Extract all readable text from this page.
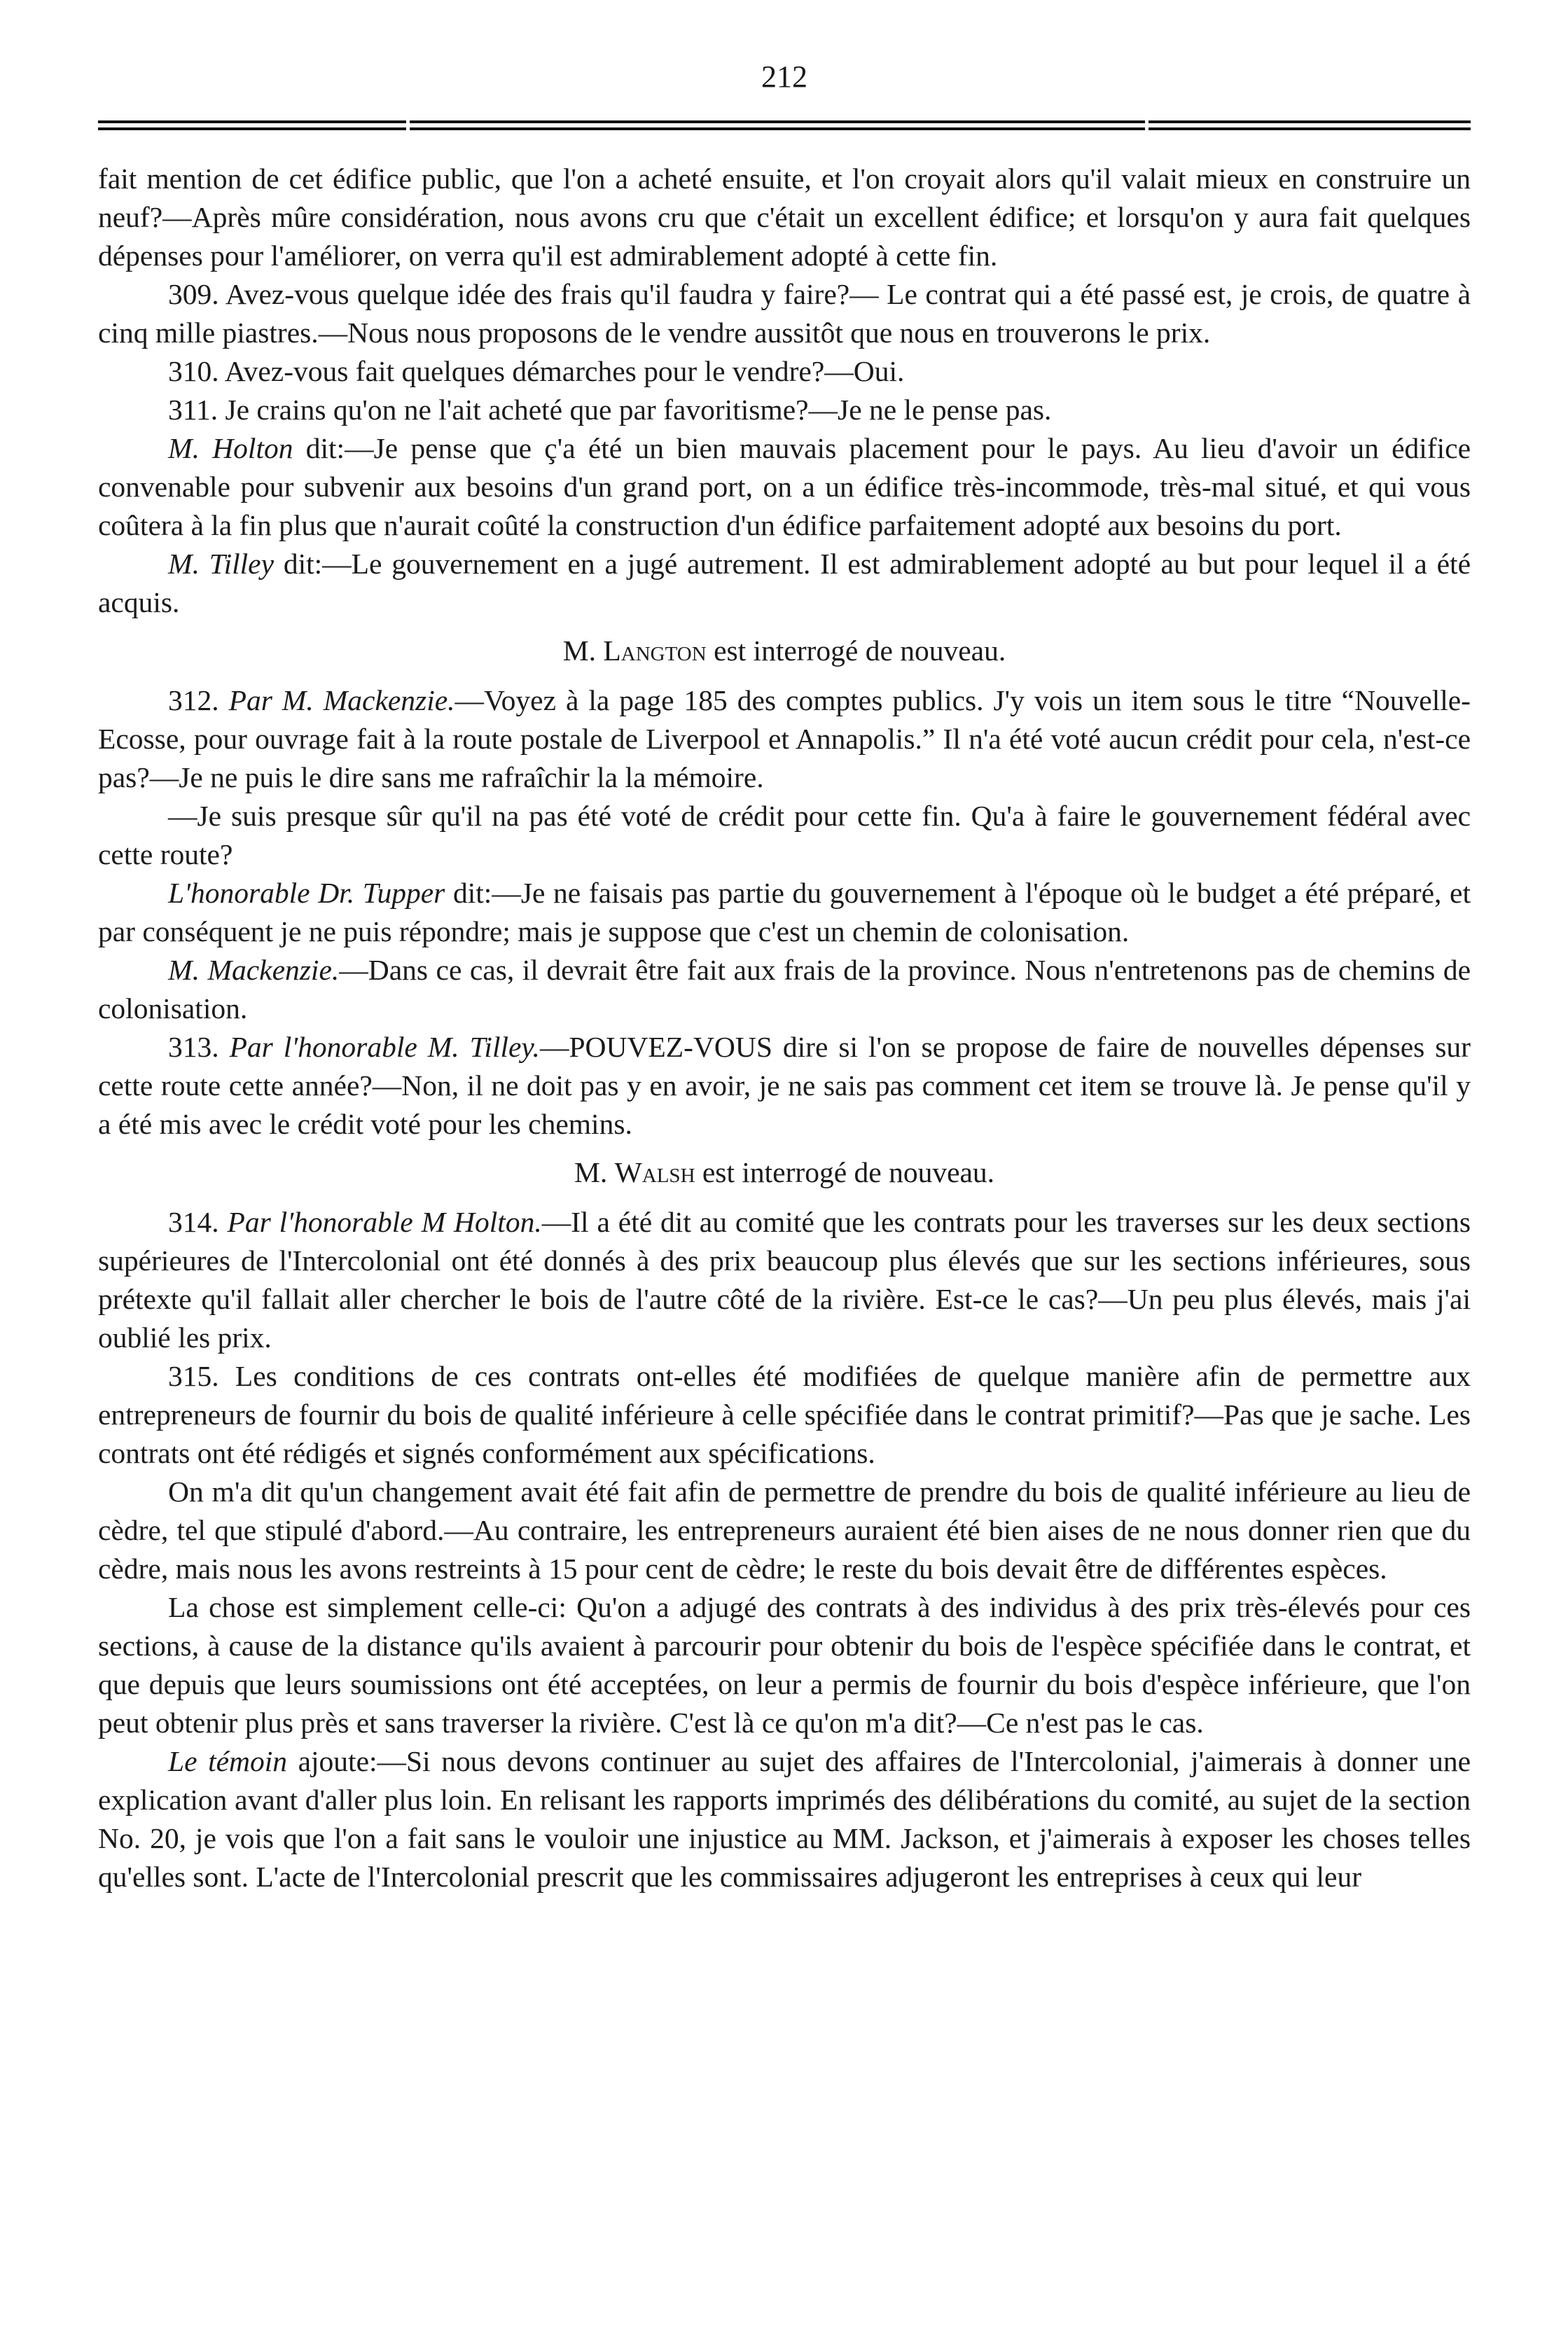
212

fait mention de cet édifice public, que l'on a acheté ensuite, et l'on croyait alors qu'il valait mieux en construire un neuf?—Après mûre considération, nous avons cru que c'était un excellent édifice; et lorsqu'on y aura fait quelques dépenses pour l'améliorer, on verra qu'il est admirablement adopté à cette fin.

309. Avez-vous quelque idée des frais qu'il faudra y faire?— Le contrat qui a été passé est, je crois, de quatre à cinq mille piastres.—Nous nous proposons de le vendre aussitôt que nous en trouverons le prix.

310. Avez-vous fait quelques démarches pour le vendre?—Oui.

311. Je crains qu'on ne l'ait acheté que par favoritisme?—Je ne le pense pas.

M. Holton dit:—Je pense que ç'a été un bien mauvais placement pour le pays. Au lieu d'avoir un édifice convenable pour subvenir aux besoins d'un grand port, on a un édifice très-incommode, très-mal situé, et qui vous coûtera à la fin plus que n'aurait coûté la construction d'un édifice parfaitement adopté aux besoins du port.

M. Tilley dit:—Le gouvernement en a jugé autrement. Il est admirablement adopté au but pour lequel il a été acquis.

M. Langton est interrogé de nouveau.

312. Par M. Mackenzie.—Voyez à la page 185 des comptes publics. J'y vois un item sous le titre “Nouvelle-Ecosse, pour ouvrage fait à la route postale de Liverpool et Annapolis.” Il n'a été voté aucun crédit pour cela, n'est-ce pas?—Je ne puis le dire sans me rafraîchir la la mémoire.

—Je suis presque sûr qu'il na pas été voté de crédit pour cette fin. Qu'a à faire le gouvernement fédéral avec cette route?

L'honorable Dr. Tupper dit:—Je ne faisais pas partie du gouvernement à l'époque où le budget a été préparé, et par conséquent je ne puis répondre; mais je suppose que c'est un chemin de colonisation.

M. Mackenzie.—Dans ce cas, il devrait être fait aux frais de la province. Nous n'entretenons pas de chemins de colonisation.

313. Par l'honorable M. Tilley.—POUVEZ-VOUS dire si l'on se propose de faire de nouvelles dépenses sur cette route cette année?—Non, il ne doit pas y en avoir, je ne sais pas comment cet item se trouve là. Je pense qu'il y a été mis avec le crédit voté pour les chemins.

M. Walsh est interrogé de nouveau.

314. Par l'honorable M Holton.—Il a été dit au comité que les contrats pour les traverses sur les deux sections supérieures de l'Intercolonial ont été donnés à des prix beaucoup plus élevés que sur les sections inférieures, sous prétexte qu'il fallait aller chercher le bois de l'autre côté de la rivière. Est-ce le cas?—Un peu plus élevés, mais j'ai oublié les prix.

315. Les conditions de ces contrats ont-elles été modifiées de quelque manière afin de permettre aux entrepreneurs de fournir du bois de qualité inférieure à celle spécifiée dans le contrat primitif?—Pas que je sache. Les contrats ont été rédigés et signés conformément aux spécifications.

On m'a dit qu'un changement avait été fait afin de permettre de prendre du bois de qualité inférieure au lieu de cèdre, tel que stipulé d'abord.—Au contraire, les entrepreneurs auraient été bien aises de ne nous donner rien que du cèdre, mais nous les avons restreints à 15 pour cent de cèdre; le reste du bois devait être de différentes espèces.

La chose est simplement celle-ci: Qu'on a adjugé des contrats à des individus à des prix très-élevés pour ces sections, à cause de la distance qu'ils avaient à parcourir pour obtenir du bois de l'espèce spécifiée dans le contrat, et que depuis que leurs soumissions ont été acceptées, on leur a permis de fournir du bois d'espèce inférieure, que l'on peut obtenir plus près et sans traverser la rivière. C'est là ce qu'on m'a dit?—Ce n'est pas le cas.

Le témoin ajoute:—Si nous devons continuer au sujet des affaires de l'Intercolonial, j'aimerais à donner une explication avant d'aller plus loin. En relisant les rapports imprimés des délibérations du comité, au sujet de la section No. 20, je vois que l'on a fait sans le vouloir une injustice au MM. Jackson, et j'aimerais à exposer les choses telles qu'elles sont. L'acte de l'Intercolonial prescrit que les commissaires adjugeront les entreprises à ceux qui leur
